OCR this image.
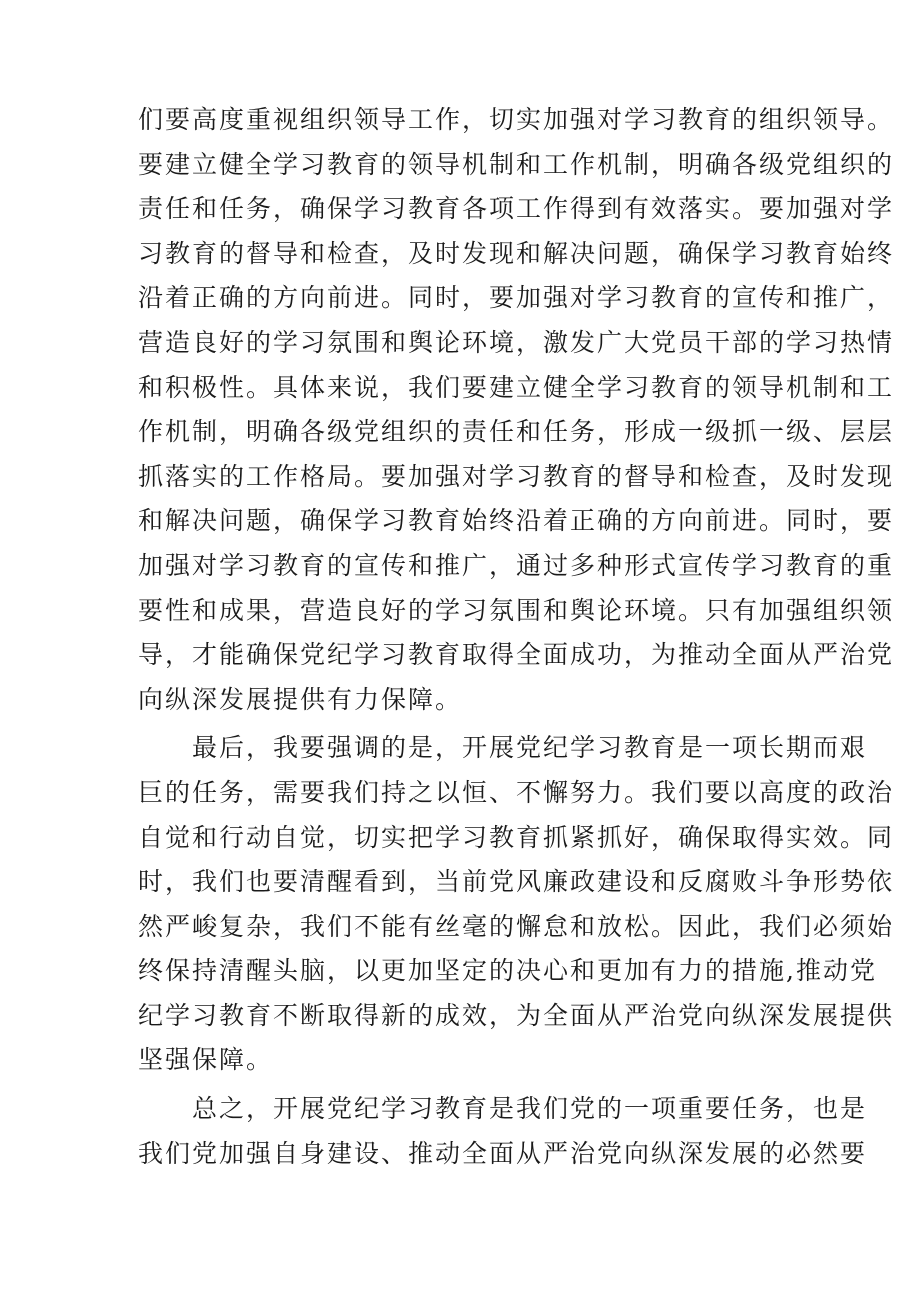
们要高度重视组织领导工作，切实加强对学习教育的组织领导。
要建立健全学习教育的领导机制和工作机制，明确各级党组织的
责任和任务，确保学习教育各项工作得到有效落实。要加强对学
习教育的督导和检查，及时发现和解决问题，确保学习教育始终
沿着正确的方向前进。同时，要加强对学习教育的宣传和推广，
营造良好的学习氛围和舆论环境，激发广大党员干部的学习热情
和积极性。具体来说，我们要建立健全学习教育的领导机制和工
作机制，明确各级党组织的责任和任务，形成一级抓一级、层层
抓落实的工作格局。要加强对学习教育的督导和检查，及时发现
和解决问题，确保学习教育始终沿着正确的方向前进。同时，要
加强对学习教育的宣传和推广，通过多种形式宣传学习教育的重
要性和成果，营造良好的学习氛围和舆论环境。只有加强组织领
导，才能确保党纪学习教育取得全面成功，为推动全面从严治党
向纵深发展提供有力保障。
最后，我要强调的是，开展党纪学习教育是一项长期而艰
巨的任务，需要我们持之以恒、不懈努力。我们要以高度的政治
自觉和行动自觉，切实把学习教育抓紧抓好，确保取得实效。同
时，我们也要清醒看到，当前党风廉政建设和反腐败斗争形势依
然严峻复杂，我们不能有丝毫的懈怠和放松。因此，我们必须始
终保持清醒头脑，以更加坚定的决心和更加有力的措施,推动党
纪学习教育不断取得新的成效，为全面从严治党向纵深发展提供
坚强保障。
总之，开展党纪学习教育是我们党的一项重要任务，也是
我们党加强自身建设、推动全面从严治党向纵深发展的必然要
